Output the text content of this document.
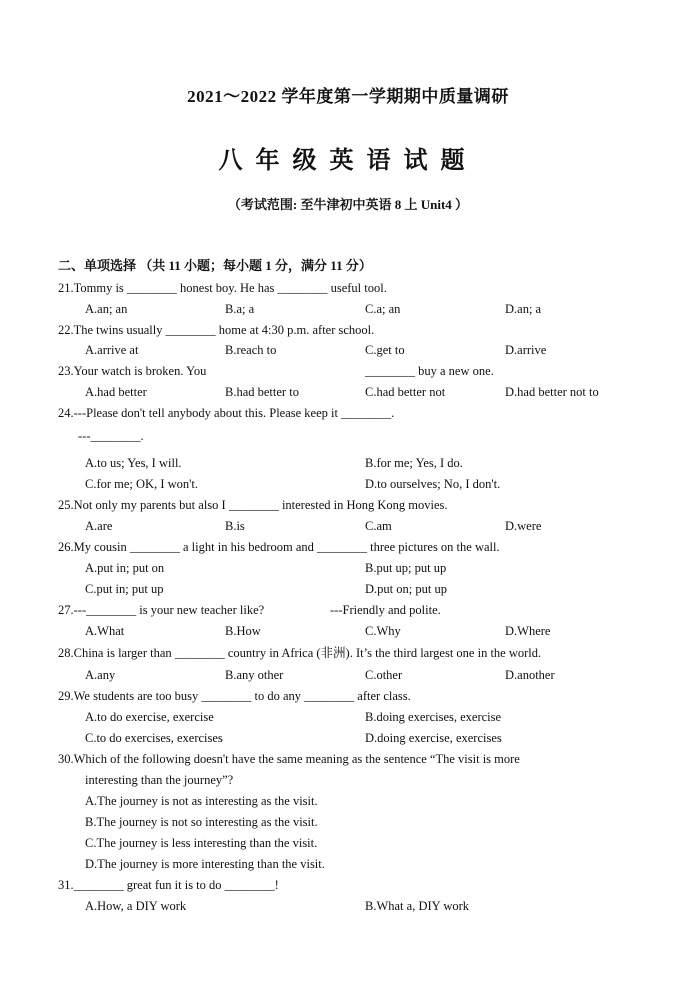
2021～2022 学年度第一学期期中质量调研
八年级英语试题
（考试范围: 至牛津初中英语 8 上 Unit4 ）
二、单项选择 （共 11 小题；每小题 1 分，满分 11 分）
21.Tommy is ________ honest boy. He has ________ useful tool.
A.an; an	B.a; a	C.a; an	D.an; a
22.The twins usually ________ home at 4:30 p.m. after school.
A.arrive at	B.reach to	C.get to	D.arrive
23.Your watch is broken. You	________ buy a new one.
A.had better	B.had better to	C.had better not	D.had better not to
24.---Please don't tell anybody about this. Please keep it ________.
---________.
A.to us; Yes, I will.	B.for me; Yes, I do.
C.for me; OK, I won't.	D.to ourselves; No, I don't.
25.Not only my parents but also I ________ interested in Hong Kong movies.
A.are	B.is	C.am	D.were
26.My cousin ________ a light in his bedroom and ________ three pictures on the wall.
A.put in; put on	B.put up; put up
C.put in; put up	D.put on; put up
27.---________ is your new teacher like?	---Friendly and polite.
A.What	B.How	C.Why	D.Where
28.China is larger than ________ country in Africa (非洲). It’s the third largest one in the world.
A.any	B.any other	C.other	D.another
29.We students are too busy ________ to do any ________ after class.
A.to do exercise, exercise	B.doing exercises, exercise
C.to do exercises, exercises	D.doing exercise, exercises
30.Which of the following doesn't have the same meaning as the sentence “The visit is more
interesting than the journey”?
A.The journey is not as interesting as the visit.
B.The journey is not so interesting as the visit.
C.The journey is less interesting than the visit.
D.The journey is more interesting than the visit.
31.________ great fun it is to do ________!
A.How, a DIY work	B.What a, DIY work
